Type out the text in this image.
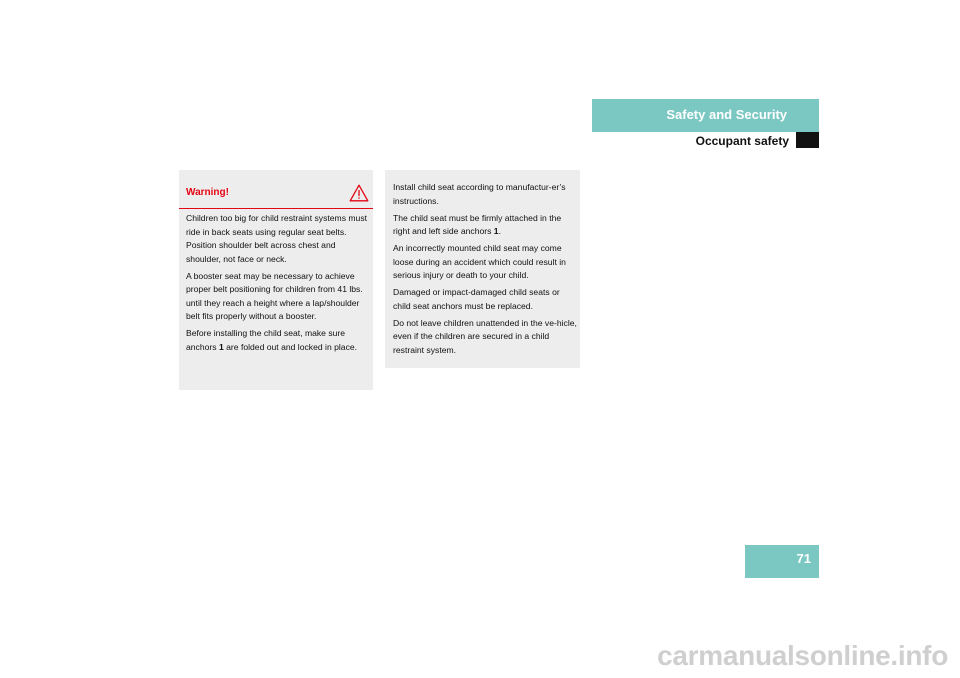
Safety and Security
Occupant safety
Warning!

Children too big for child restraint systems must ride in back seats using regular seat belts. Position shoulder belt across chest and shoulder, not face or neck.

A booster seat may be necessary to achieve proper belt positioning for children from 41 lbs. until they reach a height where a lap/shoulder belt fits properly without a booster.

Before installing the child seat, make sure anchors 1 are folded out and locked in place.

Install child seat according to manufactur-er’s instructions.

The child seat must be firmly attached in the right and left side anchors 1.

An incorrectly mounted child seat may come loose during an accident which could result in serious injury or death to your child.

Damaged or impact-damaged child seats or child seat anchors must be replaced.

Do not leave children unattended in the ve-hicle, even if the children are secured in a child restraint system.

71
carmanualsonline.info
